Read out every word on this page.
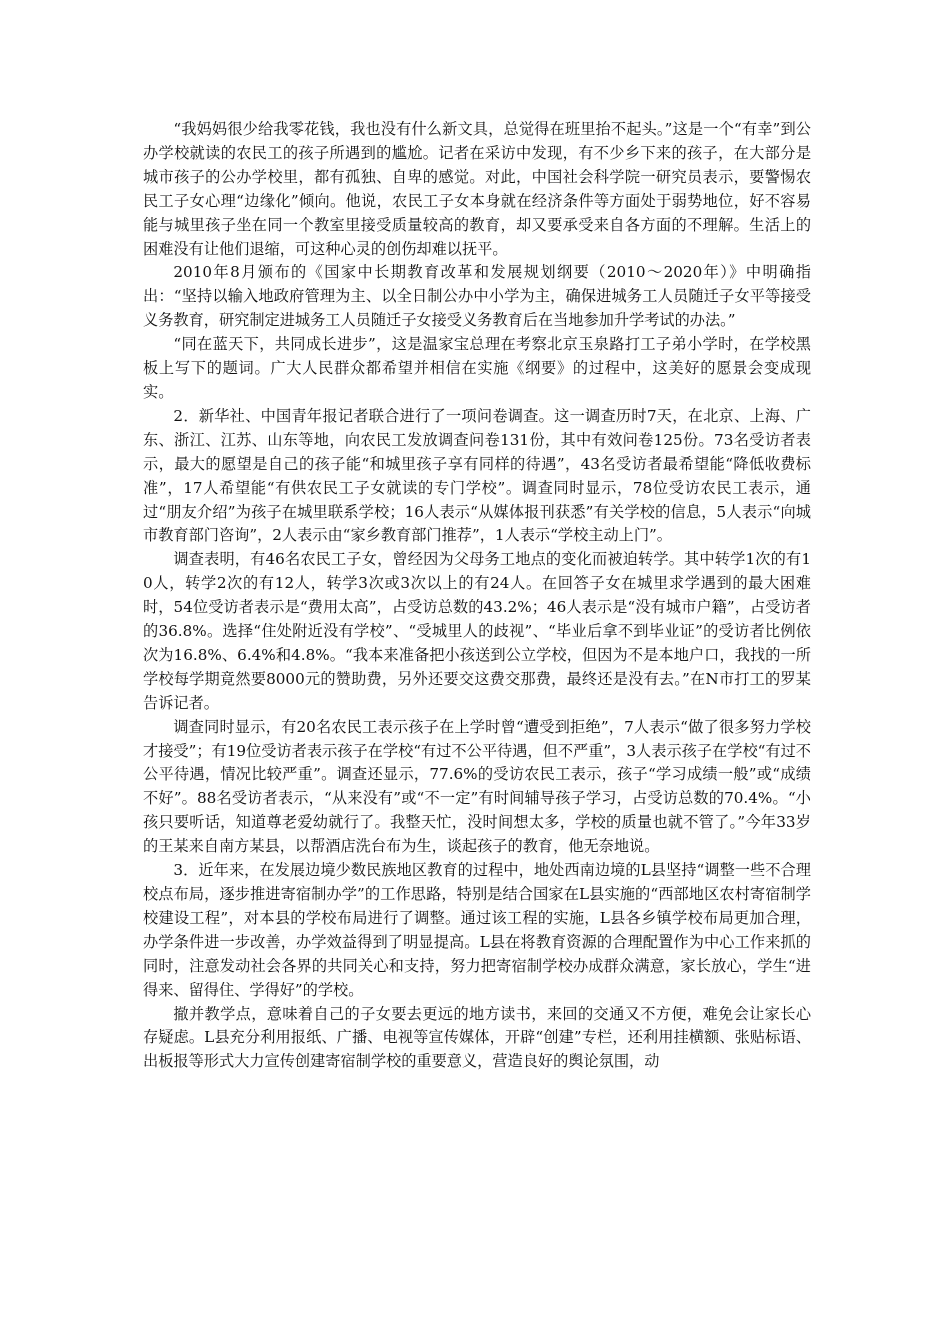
“我妈妈很少给我零花钱，我也没有什么新文具，总觉得在班里抬不起头。”这是一个“有幸”到公办学校就读的农民工的孩子所遇到的尴尬。记者在采访中发现，有不少乡下来的孩子，在大部分是城市孩子的公办学校里，都有孤独、自卑的感觉。对此，中国社会科学院一研究员表示，要警惕农民工子女心理“边缘化”倾向。他说，农民工子女本身就在经济条件等方面处于弱势地位，好不容易能与城里孩子坐在同一个教室里接受质量较高的教育，却又要承受来自各方面的不理解。生活上的困难没有让他们退缩，可这种心灵的创伤却难以抚平。

2010年8月颁布的《国家中长期教育改革和发展规划纲要（2010～2020年）》中明确指出：“坚持以输入地政府管理为主、以全日制公办中小学为主，确保进城务工人员随迁子女平等接受义务教育，研究制定进城务工人员随迁子女接受义务教育后在当地参加升学考试的办法。”

“同在蓝天下，共同成长进步”，这是温家宝总理在考察北京玉泉路打工子弟小学时，在学校黑板上写下的题词。广大人民群众都希望并相信在实施《纲要》的过程中，这美好的愿景会变成现实。

2．新华社、中国青年报记者联合进行了一项问卷调查。这一调查历时7天，在北京、上海、广东、浙江、江苏、山东等地，向农民工发放调查问卷131份，其中有效问卷125份。73名受访者表示，最大的愿望是自己的孩子能“和城里孩子享有同样的待遇”，43名受访者最希望能“降低收费标准”，17人希望能“有供农民工子女就读的专门学校”。调查同时显示，78位受访农民工表示，通过“朋友介绍”为孩子在城里联系学校；16人表示“从媒体报刊获悉”有关学校的信息，5人表示“向城市教育部门咨询”，2人表示由“家乡教育部门推荐”，1人表示“学校主动上门”。

调查表明，有46名农民工子女，曾经因为父母务工地点的变化而被迫转学。其中转学1次的有10人，转学2次的有12人，转学3次或3次以上的有24人。在回答子女在城里求学遇到的最大困难时，54位受访者表示是“费用太高”，占受访总数的43.2%；46人表示是“没有城市户籍”，占受访者的36.8%。选择“住处附近没有学校”、“受城里人的歧视”、“毕业后拿不到毕业证”的受访者比例依次为16.8%、6.4%和4.8%。“我本来准备把小孩送到公立学校，但因为不是本地户口，我找的一所学校每学期竟然要8000元的赞助费，另外还要交这费交那费，最终还是没有去。”在N市打工的罗某告诉记者。

调查同时显示，有20名农民工表示孩子在上学时曾“遭受到拒绝”，7人表示“做了很多努力学校才接受”；有19位受访者表示孩子在学校“有过不公平待遇，但不严重”，3人表示孩子在学校“有过不公平待遇，情况比较严重”。调查还显示，77.6%的受访农民工表示，孩子“学习成绩一般”或“成绩不好”。88名受访者表示，“从来没有”或“不一定”有时间辅导孩子学习，占受访总数的70.4%。“小孩只要听话，知道尊老爱幼就行了。我整天忙，没时间想太多，学校的质量也就不管了。”今年33岁的王某来自南方某县，以帮酒店洗台布为生，谈起孩子的教育，他无奈地说。

3．近年来，在发展边境少数民族地区教育的过程中，地处西南边境的L县坚持“调整一些不合理校点布局，逐步推进寄宿制办学”的工作思路，特别是结合国家在L县实施的“西部地区农村寄宿制学校建设工程”，对本县的学校布局进行了调整。通过该工程的实施，L县各乡镇学校布局更加合理，办学条件进一步改善，办学效益得到了明显提高。L县在将教育资源的合理配置作为中心工作来抓的同时，注意发动社会各界的共同关心和支持，努力把寄宿制学校办成群众满意，家长放心，学生“进得来、留得住、学得好”的学校。

撤并教学点，意味着自己的子女要去更远的地方读书，来回的交通又不方便，难免会让家长心存疑虑。L县充分利用报纸、广播、电视等宣传媒体，开辟“创建”专栏，还利用挂横额、张贴标语、出板报等形式大力宣传创建寄宿制学校的重要意义，营造良好的舆论氛围，动
